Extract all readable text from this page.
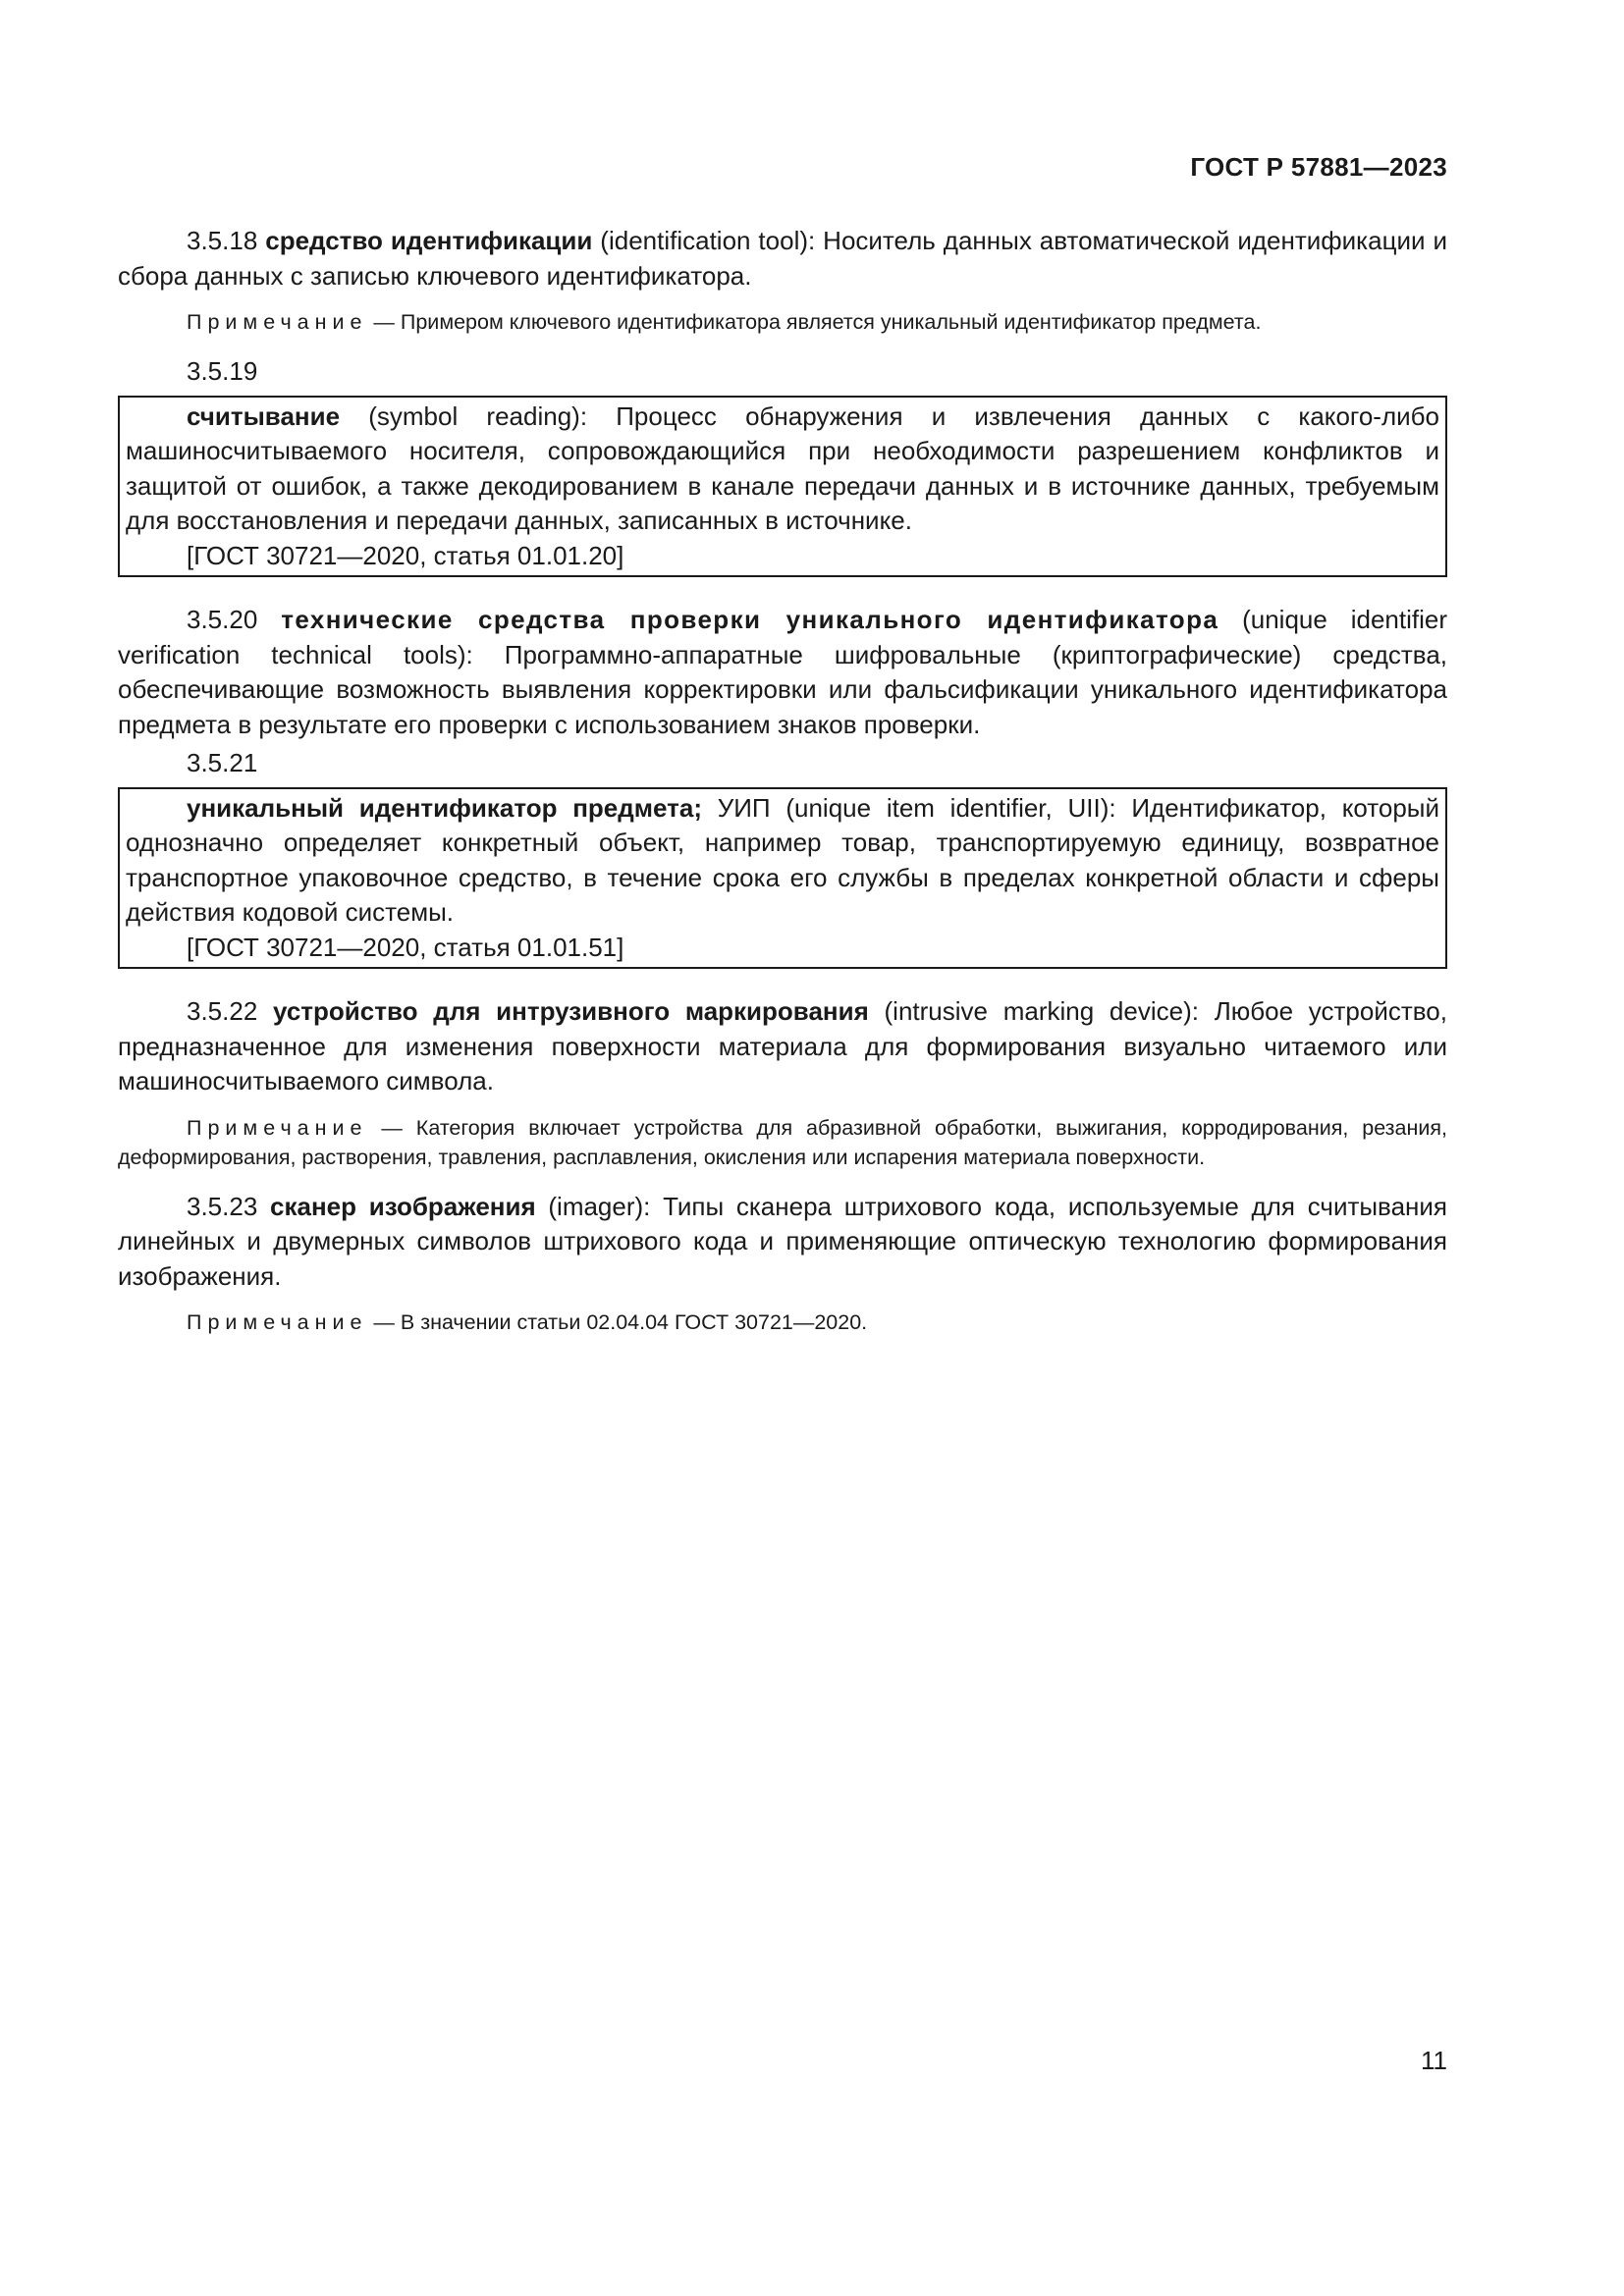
ГОСТ Р 57881—2023

3.5.18 средство идентификации (identification tool): Носитель данных автоматической идентификации и сбора данных с записью ключевого идентификатора.

Примечание — Примером ключевого идентификатора является уникальный идентификатор предмета.

3.5.19

считывание (symbol reading): Процесс обнаружения и извлечения данных с какого-либо машиносчитываемого носителя, сопровождающийся при необходимости разрешением конфликтов и защитой от ошибок, а также декодированием в канале передачи данных и в источнике данных, требуемым для восстановления и передачи данных, записанных в источнике.

[ГОСТ 30721—2020, статья 01.01.20]

3.5.20 технические средства проверки уникального идентификатора (unique identifier verification technical tools): Программно-аппаратные шифровальные (криптографические) средства, обеспечивающие возможность выявления корректировки или фальсификации уникального идентификатора предмета в результате его проверки с использованием знаков проверки.

3.5.21

уникальный идентификатор предмета; УИП (unique item identifier, UII): Идентификатор, который однозначно определяет конкретный объект, например товар, транспортируемую единицу, возвратное транспортное упаковочное средство, в течение срока его службы в пределах конкретной области и сферы действия кодовой системы.

[ГОСТ 30721—2020, статья 01.01.51]

3.5.22 устройство для интрузивного маркирования (intrusive marking device): Любое устройство, предназначенное для изменения поверхности материала для формирования визуально читаемого или машиносчитываемого символа.

Примечание — Категория включает устройства для абразивной обработки, выжигания, корродирования, резания, деформирования, растворения, травления, расплавления, окисления или испарения материала поверхности.

3.5.23 сканер изображения (imager): Типы сканера штрихового кода, используемые для считывания линейных и двумерных символов штрихового кода и применяющие оптическую технологию формирования изображения.

Примечание — В значении статьи 02.04.04 ГОСТ 30721—2020.

11
